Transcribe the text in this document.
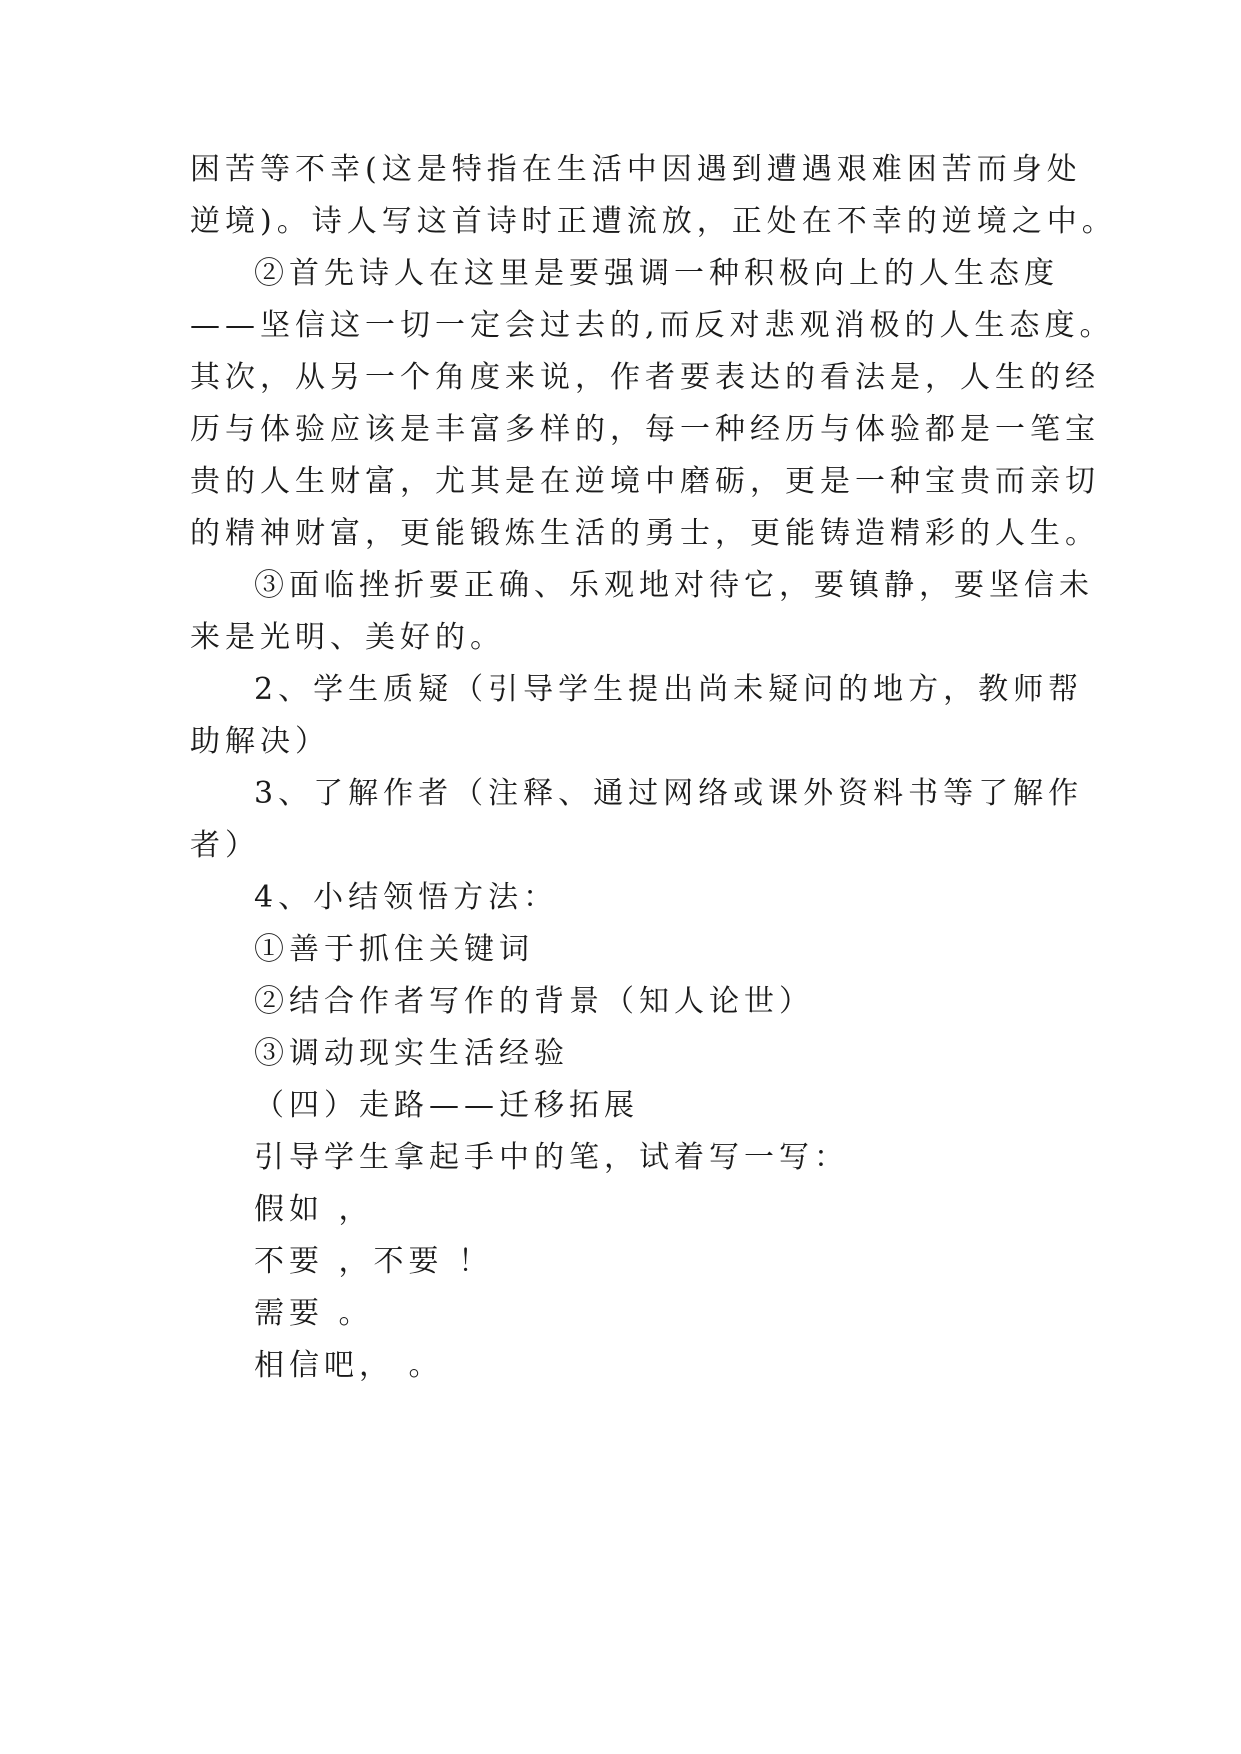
困苦等不幸(这是特指在生活中因遇到遭遇艰难困苦而身处

逆境)。诗人写这首诗时正遭流放，正处在不幸的逆境之中。

②首先诗人在这里是要强调一种积极向上的人生态度

——坚信这一切一定会过去的,而反对悲观消极的人生态度。

其次，从另一个角度来说，作者要表达的看法是，人生的经

历与体验应该是丰富多样的，每一种经历与体验都是一笔宝

贵的人生财富，尤其是在逆境中磨砺，更是一种宝贵而亲切

的精神财富，更能锻炼生活的勇士，更能铸造精彩的人生。

③面临挫折要正确、乐观地对待它，要镇静，要坚信未

来是光明、美好的。

2、学生质疑（引导学生提出尚未疑问的地方，教师帮

助解决）

3、了解作者（注释、通过网络或课外资料书等了解作

者）

4、小结领悟方法：

①善于抓住关键词

②结合作者写作的背景（知人论世）

③调动现实生活经验

（四）走路——迁移拓展

引导学生拿起手中的笔，试着写一写：

假如 ，

不要 ，不要 ！

需要 。

相信吧， 。
